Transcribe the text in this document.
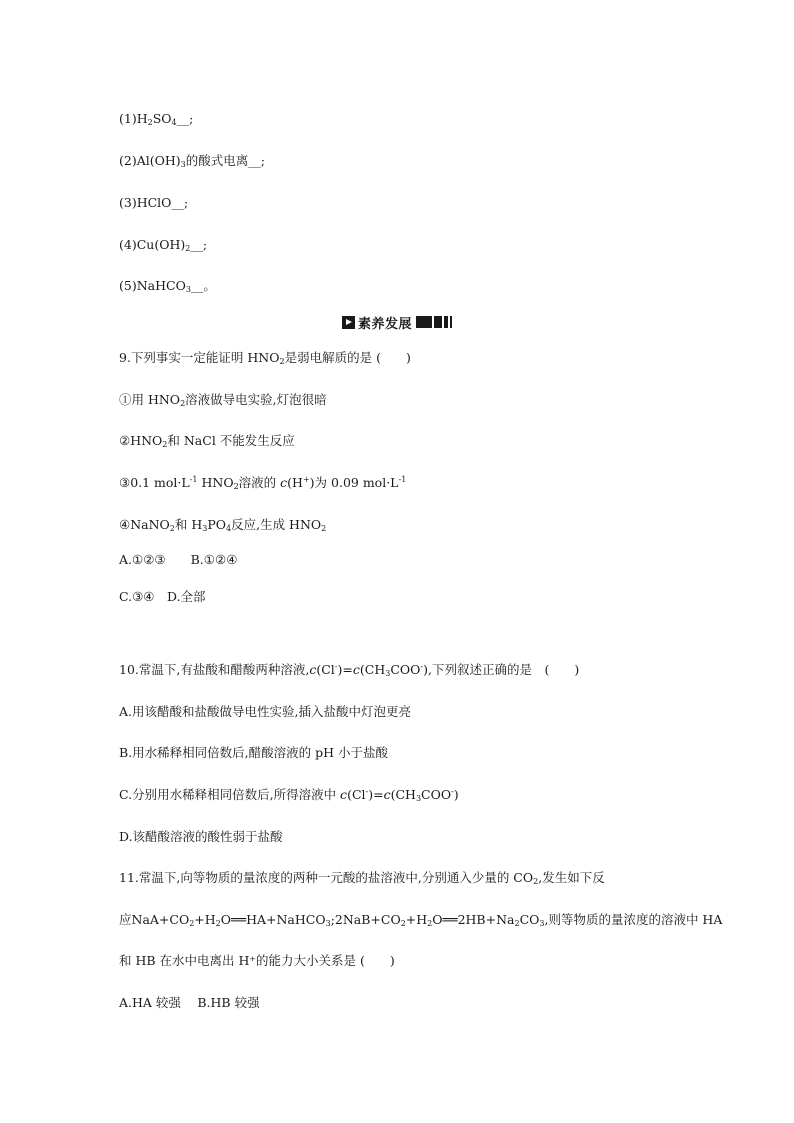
$(1)H_2SO_4\_\_$;
$(2)Al(OH)_3$的酸式电离__;
(3)HClO__;
$(4)Cu(OH)_2\_\_$;
(5)NaHCO$_3$__。
素养发展
9.下列事实一定能证明 $HNO_2$是弱电解质的是 (　　)
①用 $HNO_2$溶液做导电实验,灯泡很暗
$②HNO_2$和 NaCl 不能发生反应
③0.1 $mol\cdot L^{-1}$ $HNO_2$溶液的 c(H+)为 0.09 $mol\cdot L^{-1}$
④NaNO$_2$和 $H_3PO_4$反应,生成 $HNO_2$
A.①②③　　B.①②④
C.③④　D.全部
10.常温下,有盐酸和醋酸两种溶液$,c(Cl^-)=c(CH_3COO^-)$,下列叙述正确的是　(　　)
A.用该醋酸和盐酸做导电性实验,插入盐酸中灯泡更亮
B.用水稀释相同倍数后,醋酸溶液的 pH 小于盐酸
C.分别用水稀释相同倍数后,所得溶液中 $c(Cl^-)=c(CH_3COO^-)$
D.该醋酸溶液的酸性弱于盐酸
11.常温下,向等物质的量浓度的两种一元酸的盐溶液中,分别通入少量的 $CO_2$,发生如下反
应$NaA+CO_2+H_2O══HA+NaHCO_3;2NaB+CO_2+H_2O══2HB+Na_2CO_3$,则等物质的量浓度的溶液中 HA
和 HB 在水中电离出 H⁺的能力大小关系是 (　　)
A.HA 较强　 B.HB 较强
